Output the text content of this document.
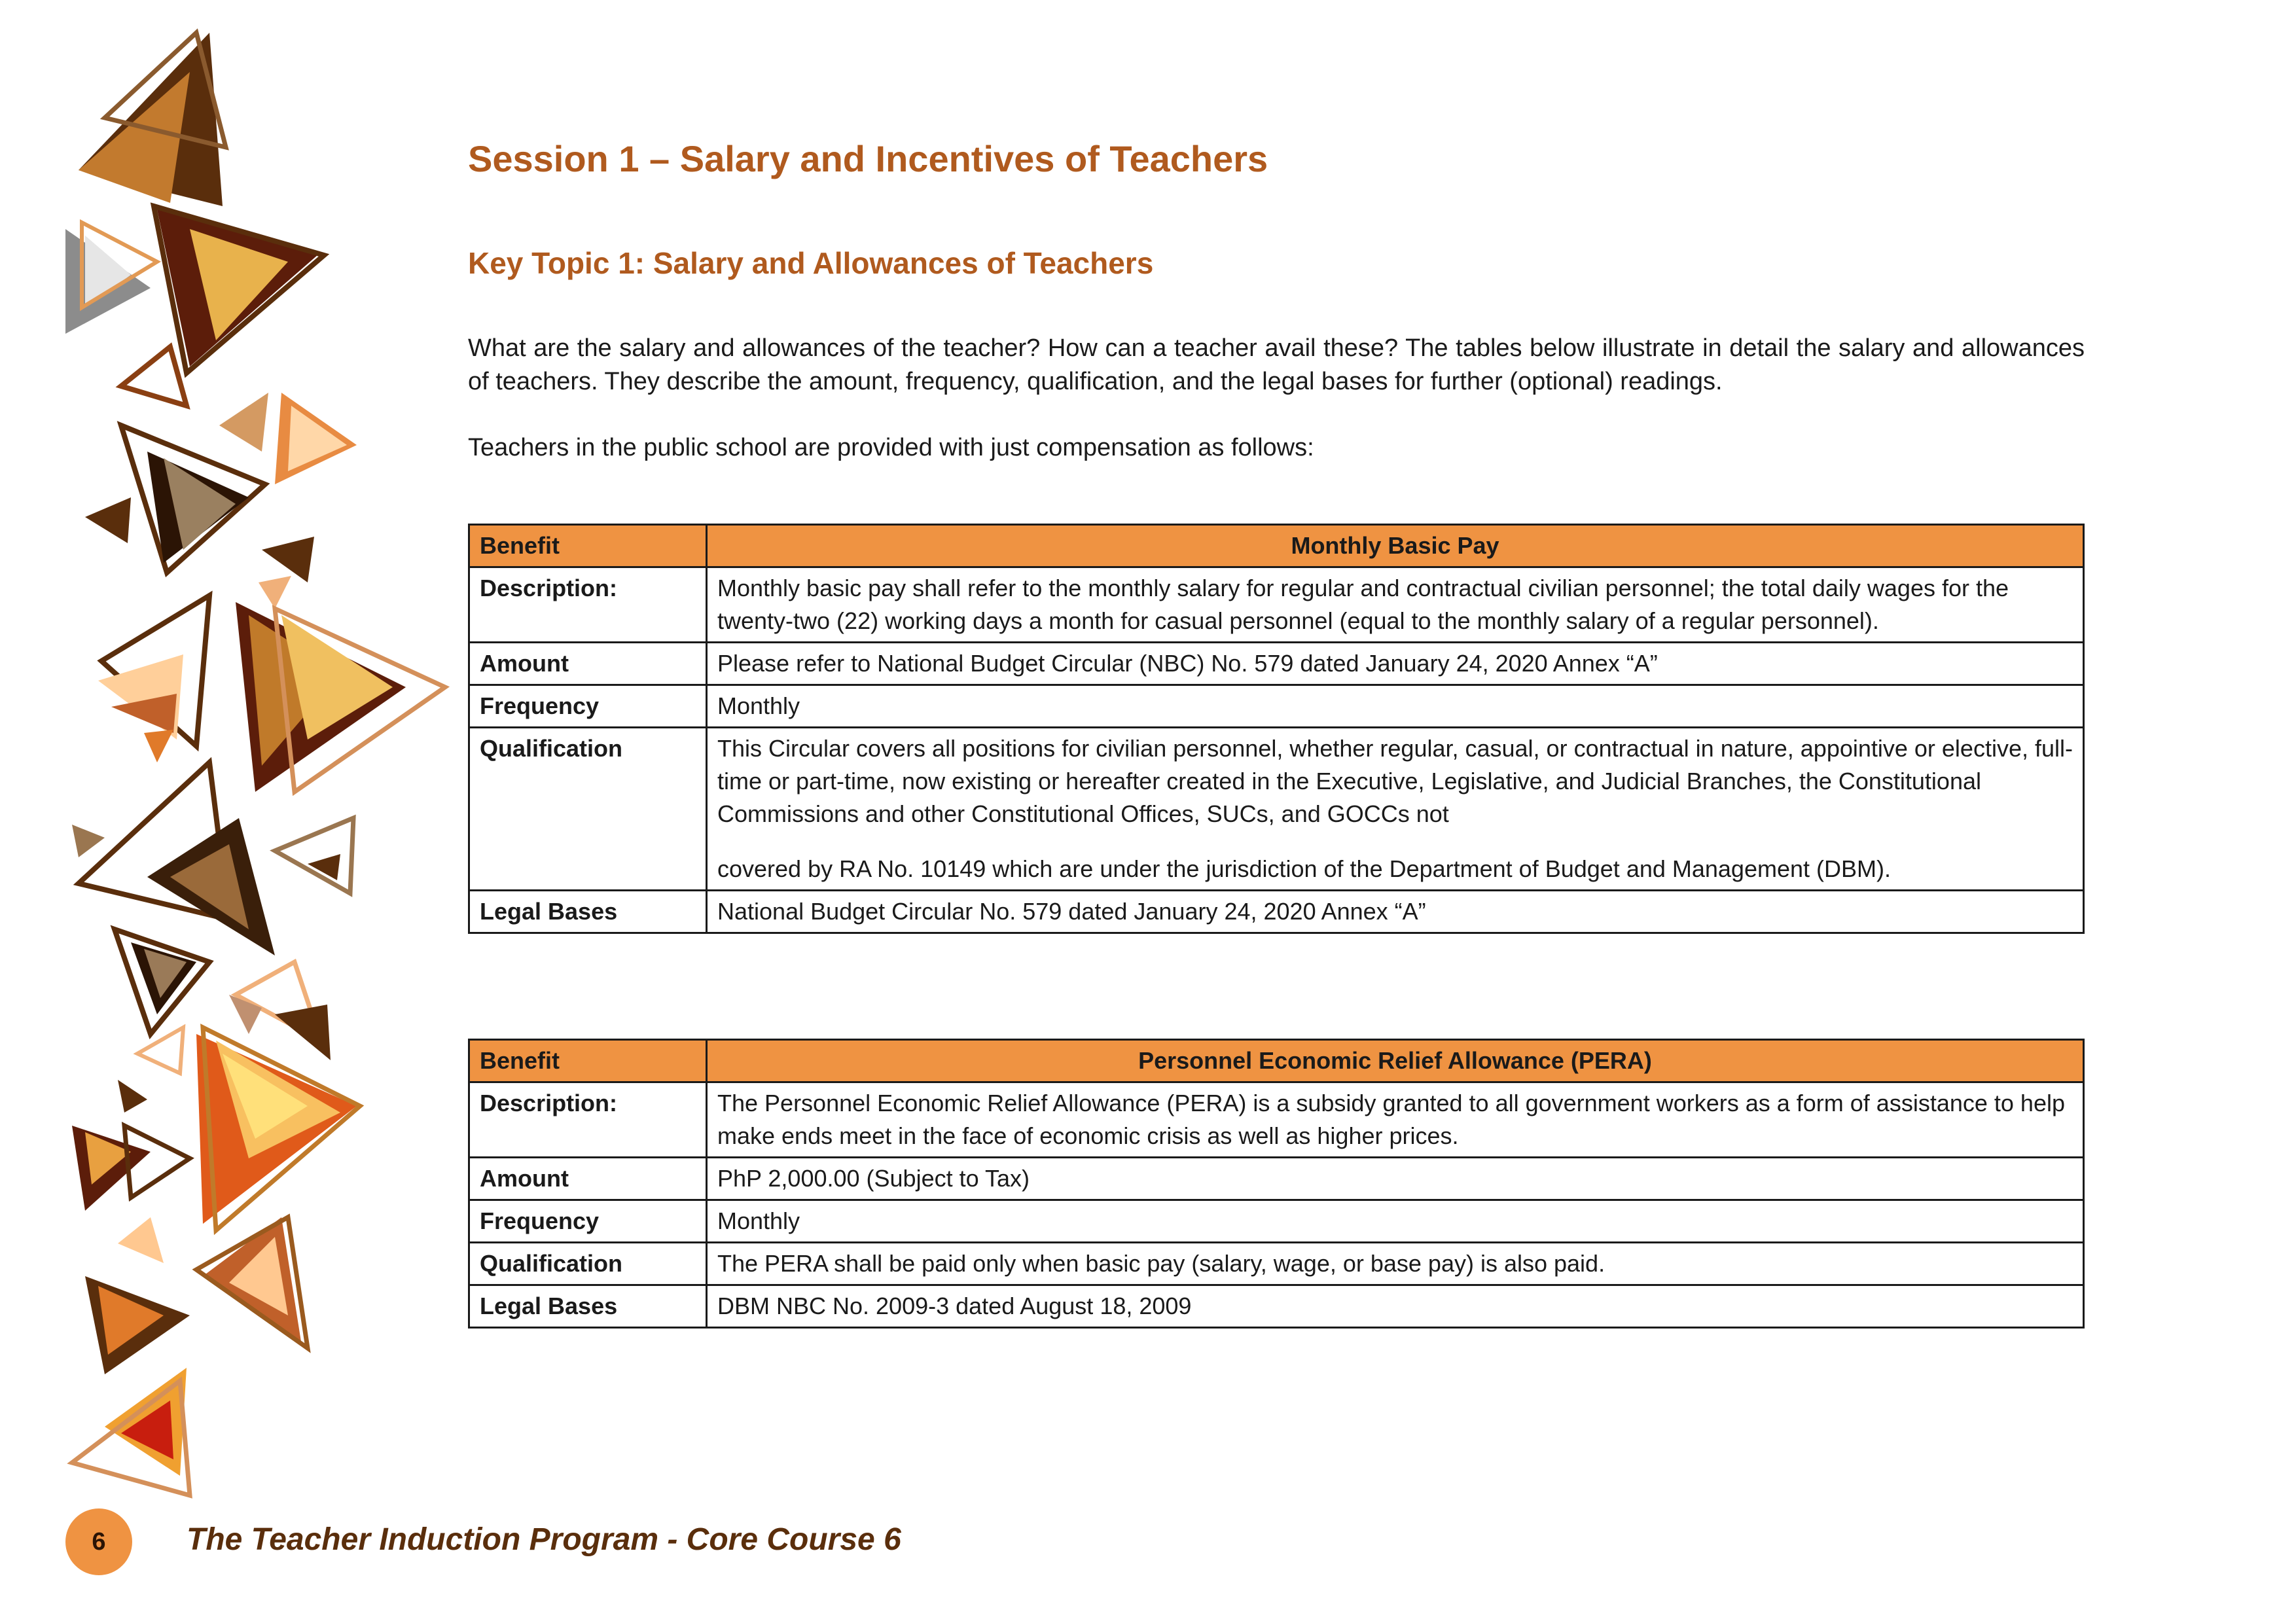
Session 1 – Salary and Incentives of Teachers
Key Topic 1: Salary and Allowances of Teachers

What are the salary and allowances of the teacher? How can a teacher avail these? The tables below illustrate in detail the salary and allowances of teachers. They describe the amount, frequency, qualification, and the legal bases for further (optional) readings.

Teachers in the public school are provided with just compensation as follows:

Benefit	Monthly Basic Pay
Description:	Monthly basic pay shall refer to the monthly salary for regular and contractual civilian personnel; the total daily wages for the twenty-two (22) working days a month for casual personnel (equal to the monthly salary of a regular personnel).
Amount	Please refer to National Budget Circular (NBC) No. 579 dated January 24, 2020 Annex “A”
Frequency	Monthly
Qualification	This Circular covers all positions for civilian personnel, whether regular, casual, or contractual in nature, appointive or elective, full-time or part-time, now existing or hereafter created in the Executive, Legislative, and Judicial Branches, the Constitutional Commissions and other Constitutional Offices, SUCs, and GOCCs not
covered by RA No. 10149 which are under the jurisdiction of the Department of Budget and Management (DBM).
Legal Bases	National Budget Circular No. 579 dated January 24, 2020 Annex “A”
Benefit	Personnel Economic Relief Allowance (PERA)
Description:	The Personnel Economic Relief Allowance (PERA) is a subsidy granted to all government workers as a form of assistance to help make ends meet in the face of economic crisis as well as higher prices.
Amount	PhP 2,000.00 (Subject to Tax)
Frequency	Monthly
Qualification	The PERA shall be paid only when basic pay (salary, wage, or base pay) is also paid.
Legal Bases	DBM NBC No. 2009-3 dated August 18, 2009
6	The Teacher Induction Program - Core Course 6
